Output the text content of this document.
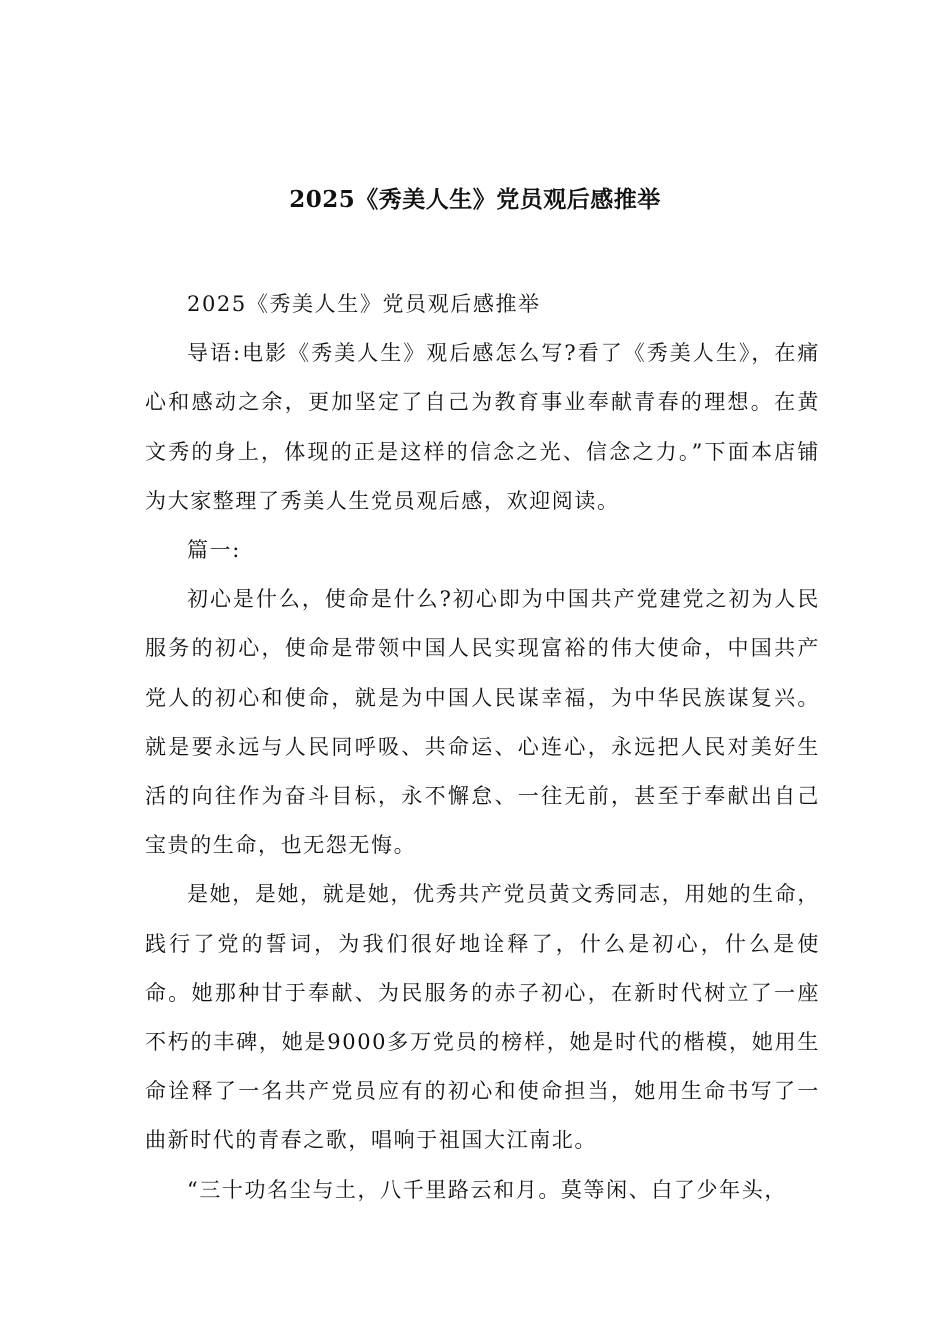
2025《秀美人生》党员观后感推举

2025《秀美人生》党员观后感推举

导语:电影《秀美人生》观后感怎么写?看了《秀美人生》，在痛心和感动之余，更加坚定了自己为教育事业奉献青春的理想。在黄文秀的身上，体现的正是这样的信念之光、信念之力。”下面本店铺为大家整理了秀美人生党员观后感，欢迎阅读。

篇一:

初心是什么，使命是什么?初心即为中国共产党建党之初为人民服务的初心，使命是带领中国人民实现富裕的伟大使命，中国共产党人的初心和使命，就是为中国人民谋幸福，为中华民族谋复兴。就是要永远与人民同呼吸、共命运、心连心，永远把人民对美好生活的向往作为奋斗目标，永不懈怠、一往无前，甚至于奉献出自己宝贵的生命，也无怨无悔。

是她，是她，就是她，优秀共产党员黄文秀同志，用她的生命，践行了党的誓词，为我们很好地诠释了，什么是初心，什么是使命。她那种甘于奉献、为民服务的赤子初心，在新时代树立了一座不朽的丰碑，她是9000多万党员的榜样，她是时代的楷模，她用生命诠释了一名共产党员应有的初心和使命担当，她用生命书写了一曲新时代的青春之歌，唱响于祖国大江南北。

“三十功名尘与土，八千里路云和月。莫等闲、白了少年头，
